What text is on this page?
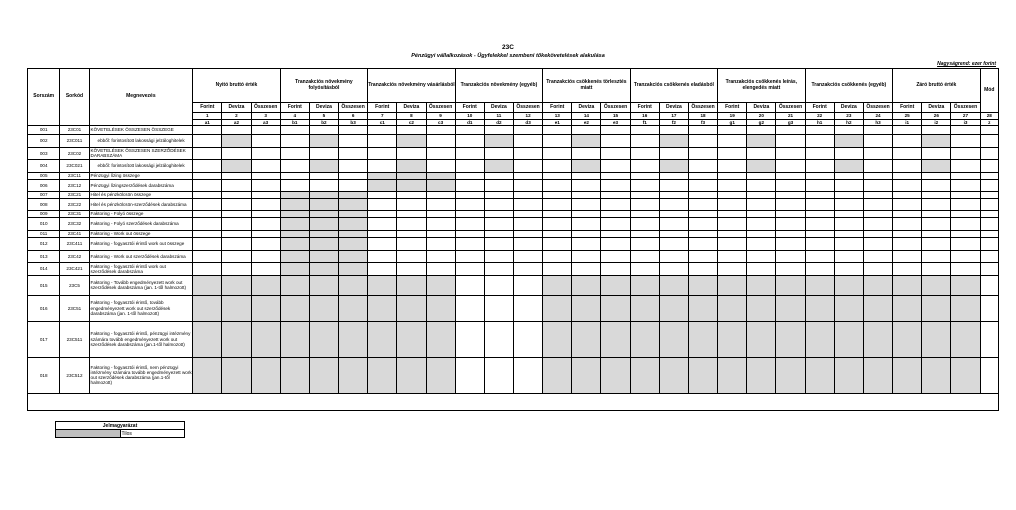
23C
Pénzügyi vállalkozások - Ügyfelekkel szembeni tőkekövetelések alakulása
Nagyságrend: ezer forint
Sorszám	Sorkód	Megnevezés	Nyitó bruttó érték			Tranzakciós növekmény folyósításból			Tranzakciós növekmény vásárlásból			Tranzakciós növekmény (egyéb)			Tranzakciós csökkenés törlesztés miatt			Tranzakciós csökkenés eladásból			Tranzakciós csökkenés leírás, elengedés miatt			Tranzakciós csökkenés (egyéb)			Záró bruttó érték			Mód

			Forint	Deviza	Összesen	Forint	Deviza	Összesen	Forint	Deviza	Összesen	Forint	Deviza	Összesen	Forint	Deviza	Összesen	Forint	Deviza	Összesen	Forint	Deviza	Összesen	Forint	Deviza	Összesen	Forint	Deviza	Összesen	
			1	2	3	4	5	6	7	8	9	10	11	12	13	14	15	16	17	18	19	20	21	22	23	24	25	26	27	28
			a1	a2	a3	b1	b2	b3	c1	c2	c3	d1	d2	d3	e1	e2	e3	f1	f2	f3	g1	g2	g3	h1	h2	h3	i1	i2	i3	z
001	23C01	KÖVETELÉSEK ÖSSZESEN ÖSSZEGE																												
002	23C011	ebből: forintosított lakossági jelzáloghitelek																												
003	23C02	KÖVETELÉSEK ÖSSZESEN SZERZŐDÉSEK DARABSZÁMA																												
004	23C021	ebből: forintosított lakossági jelzáloghitelek																												
005	23C11	Pénzügyi lízing összege																												
006	23C12	Pénzügyi lízingszerződések darabszáma																												
007	23C21	Hitel és pénzkölcsön összege																												
008	23C22	Hitel és pénzkölcsön-szerződések darabszáma																												
009	23C31	Faktoring - Folyó összege																												
010	23C32	Faktoring - Folyó szerződések darabszáma																												
011	23C41	Faktoring - Work out összege																												
012	23C411	Faktoring - fogyasztói érintő work out összege																												
013	23C42	Faktoring - Work out szerződések darabszáma																												
014	23C421	Faktoring - fogyasztói érintő work out szerződések darabszáma																												
015	23C5	Faktoring - Tovább engedményezett work out szerződések darabszáma (jan. 1-től halmozott)																												
016	23C51	Faktoring - fogyasztói érintő, tovább engedményezett work out szerződések darabszáma (jan. 1-től halmozott)																												
017	23C511	Faktoring - fogyasztói érintő, pénzügyi intézmény számára tovább engedményezett work out szerződések darabszáma (jan.1-től halmozott)																												
018	23C512	Faktoring - fogyasztói érintő, nem pénzügyi intézmény számára tovább engedményezett work out szerződések darabszáma (jan.1-től halmozott)																												
Jelmagyarázat
	Tilos
